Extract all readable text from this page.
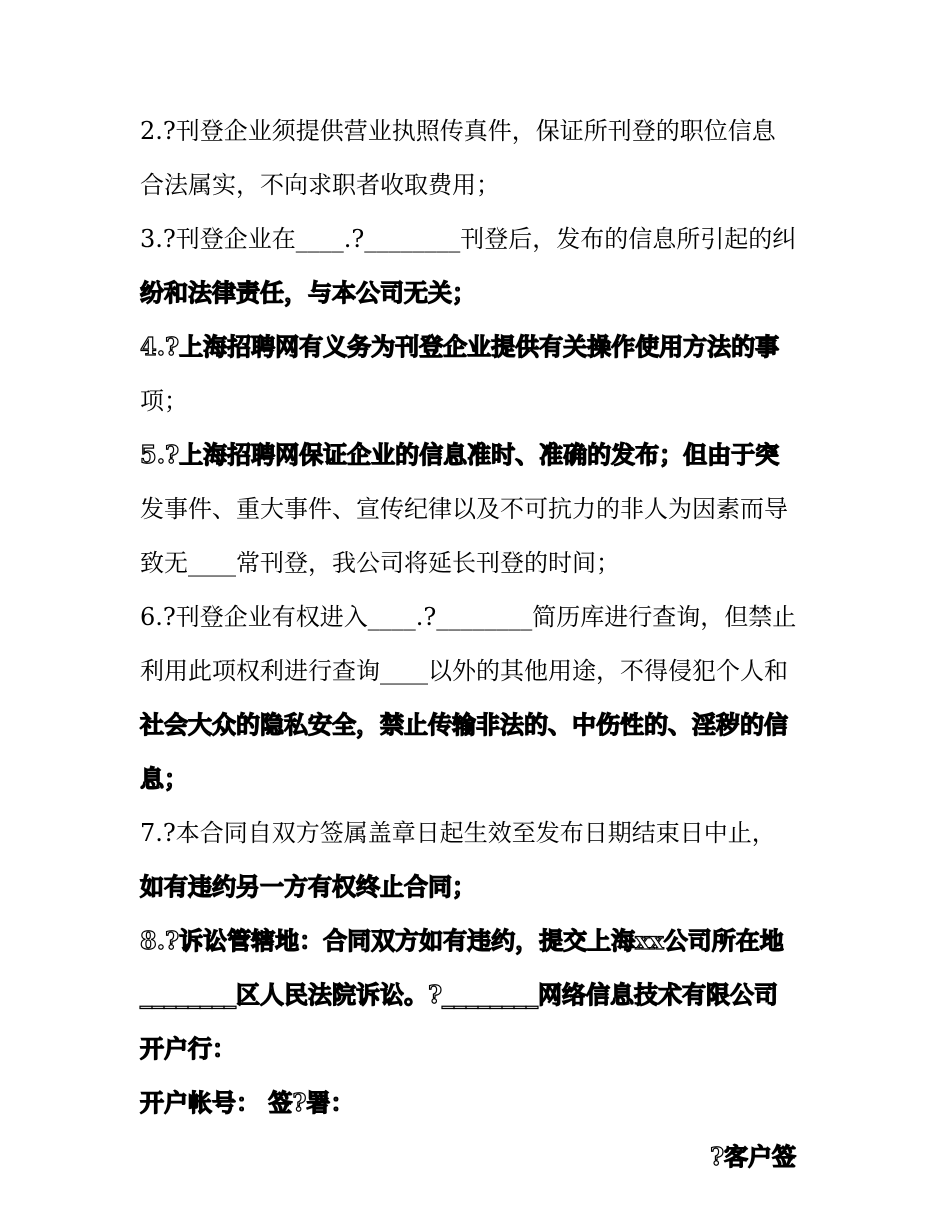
2.?刊登企业须提供营业执照传真件，保证所刊登的职位信息
合法属实，不向求职者收取费用；
3.?刊登企业在____.?________刊登后，发布的信息所引起的纠
纷和法律责任，与本公司无关；
4.?上海招聘网有义务为刊登企业提供有关操作使用方法的事
项；
5.?上海招聘网保证企业的信息准时、准确的发布；但由于突
发事件、重大事件、宣传纪律以及不可抗力的非人为因素而导
致无____常刊登，我公司将延长刊登的时间；
6.?刊登企业有权进入____.?________简历库进行查询，但禁止
利用此项权利进行查询____以外的其他用途，不得侵犯个人和
社会大众的隐私安全，禁止传输非法的、中伤性的、淫秽的信
息；
7.?本合同自双方签属盖章日起生效至发布日期结束日中止，
如有违约另一方有权终止合同；
8.?诉讼管辖地：合同双方如有违约，提交上海xx公司所在地
________区人民法院诉讼。?________网络信息技术有限公司
开户行：
开户帐号： 签?署：
?客户签
